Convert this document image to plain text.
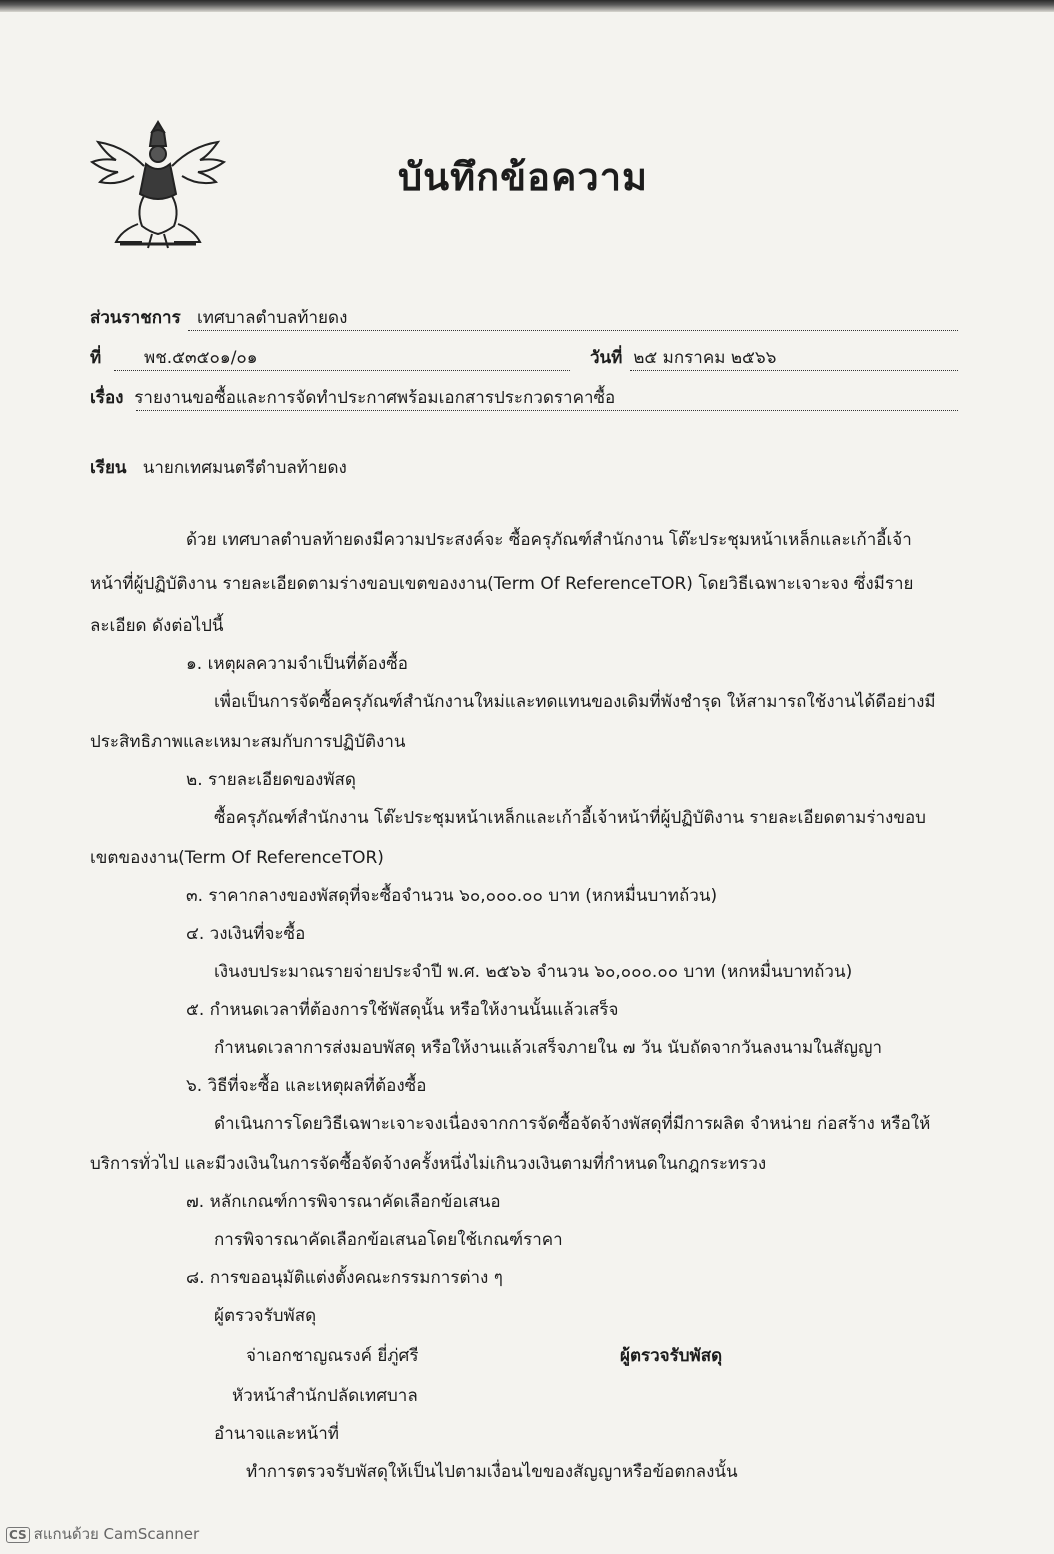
บันทึกข้อความ
ส่วนราชการ เทศบาลตำบลท้ายดง
ที่	พช.๕๓๕๐๑/๐๑	วันที่ ๒๕ มกราคม ๒๕๖๖
เรื่อง รายงานขอซื้อและการจัดทำประกาศพร้อมเอกสารประกวดราคาซื้อ
เรียน นายกเทศมนตรีตำบลท้ายดง
ด้วย เทศบาลตำบลท้ายดงมีความประสงค์จะ ซื้อครุภัณฑ์สำนักงาน โต๊ะประชุมหน้าเหล็กและเก้าอี้เจ้า
หน้าที่ผู้ปฏิบัติงาน รายละเอียดตามร่างขอบเขตของงาน(Term Of ReferenceTOR) โดยวิธีเฉพาะเจาะจง ซึ่งมีราย
ละเอียด ดังต่อไปนี้
๑. เหตุผลความจำเป็นที่ต้องซื้อ
เพื่อเป็นการจัดซื้อครุภัณฑ์สำนักงานใหม่และทดแทนของเดิมที่พังชำรุด ให้สามารถใช้งานได้ดีอย่างมี
ประสิทธิภาพและเหมาะสมกับการปฏิบัติงาน
๒. รายละเอียดของพัสดุ
ซื้อครุภัณฑ์สำนักงาน โต๊ะประชุมหน้าเหล็กและเก้าอี้เจ้าหน้าที่ผู้ปฏิบัติงาน รายละเอียดตามร่างขอบ
เขตของงาน(Term Of ReferenceTOR)
๓. ราคากลางของพัสดุที่จะซื้อจำนวน ๖๐,๐๐๐.๐๐ บาท (หกหมื่นบาทถ้วน)
๔. วงเงินที่จะซื้อ
เงินงบประมาณรายจ่ายประจำปี พ.ศ. ๒๕๖๖ จำนวน ๖๐,๐๐๐.๐๐ บาท (หกหมื่นบาทถ้วน)
๕. กำหนดเวลาที่ต้องการใช้พัสดุนั้น หรือให้งานนั้นแล้วเสร็จ
กำหนดเวลาการส่งมอบพัสดุ หรือให้งานแล้วเสร็จภายใน ๗ วัน นับถัดจากวันลงนามในสัญญา
๖. วิธีที่จะซื้อ และเหตุผลที่ต้องซื้อ
ดำเนินการโดยวิธีเฉพาะเจาะจงเนื่องจากการจัดซื้อจัดจ้างพัสดุที่มีการผลิต จำหน่าย ก่อสร้าง หรือให้
บริการทั่วไป และมีวงเงินในการจัดซื้อจัดจ้างครั้งหนึ่งไม่เกินวงเงินตามที่กำหนดในกฎกระทรวง
๗. หลักเกณฑ์การพิจารณาคัดเลือกข้อเสนอ
การพิจารณาคัดเลือกข้อเสนอโดยใช้เกณฑ์ราคา
๘. การขออนุมัติแต่งตั้งคณะกรรมการต่าง ๆ
ผู้ตรวจรับพัสดุ
จ่าเอกชาญณรงค์ ยี่ภู่ศรี	ผู้ตรวจรับพัสดุ
หัวหน้าสำนักปลัดเทศบาล
อำนาจและหน้าที่
ทำการตรวจรับพัสดุให้เป็นไปตามเงื่อนไขของสัญญาหรือข้อตกลงนั้น
CS สแกนด้วย CamScanner
